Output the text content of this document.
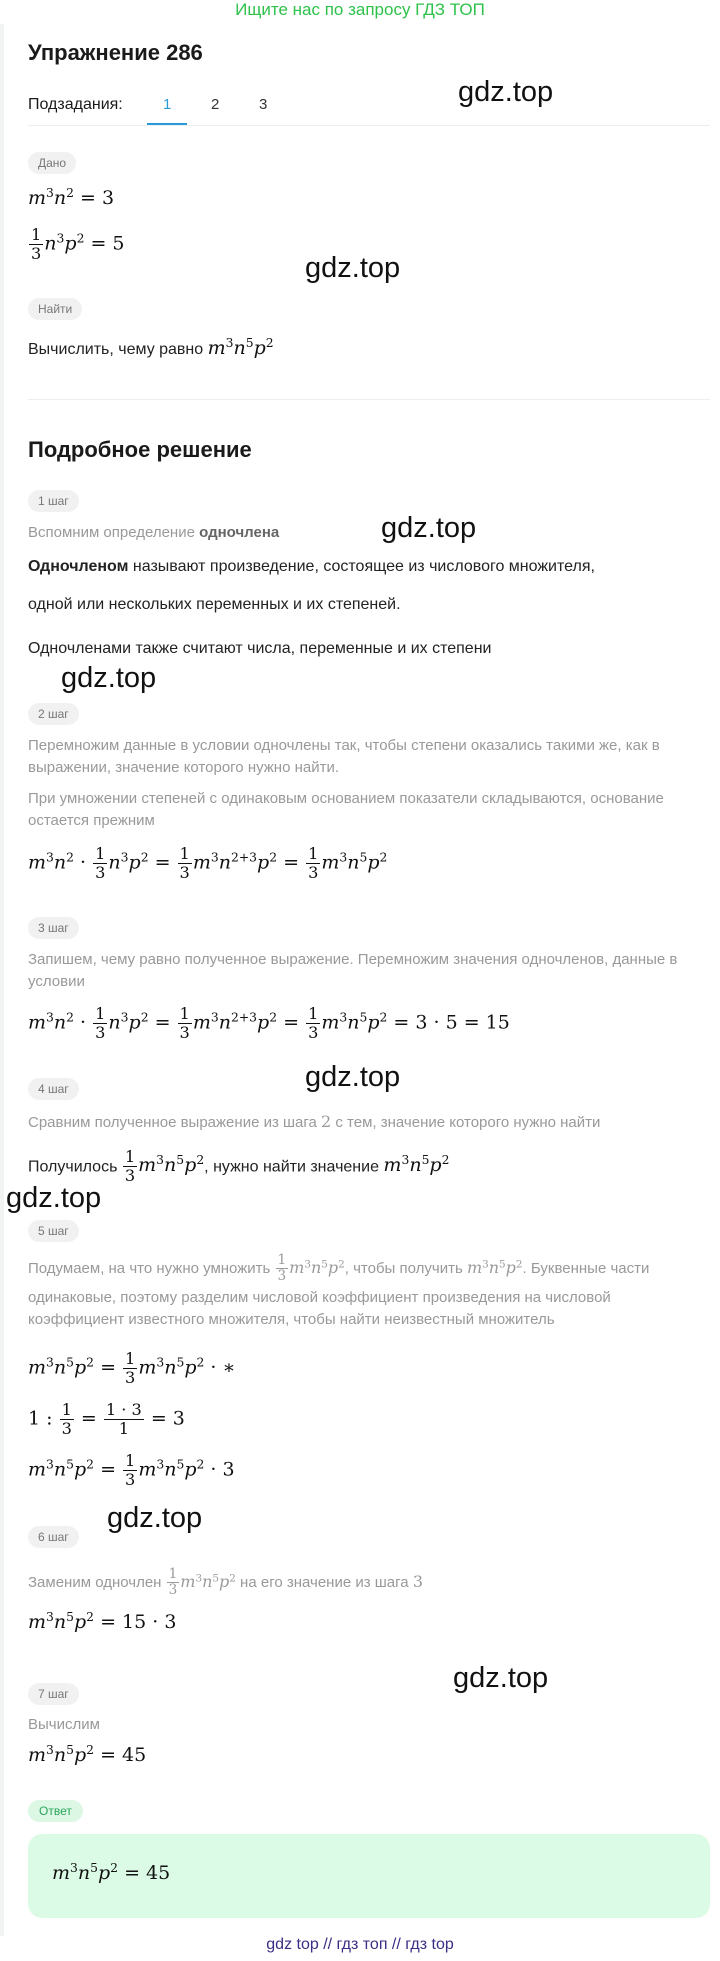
Ищите нас по запросу ГДЗ ТОП
Упражнение 286
Подзадания:	1	2	3
Дано
$m^3n^2 = 3$
$\frac{1}{3} n^3p^2 = 5$
Найти
Вычислить, чему равно $m^3n^5p^2$
Подробное решение
1 шаг
Вспомним определение одночлена
Одночленом называют произведение, состоящее из числового множителя,
одной или нескольких переменных и их степеней.
Одночленами также считают числа, переменные и их степени
2 шаг
Перемножим данные в условии одночлены так, чтобы степени оказались такими же, как в выражении, значение которого нужно найти.
При умножении степеней с одинаковым основанием показатели складываются, основание остается прежним
$m^3n^2 \cdot \frac{1}{3} n^3p^2 = \frac{1}{3} m^3n^{2+3}p^2 = \frac{1}{3} m^3n^5p^2$
3 шаг
Запишем, чему равно полученное выражение. Перемножим значения одночленов, данные в условии
$m^3n^2 \cdot \frac{1}{3} n^3p^2 = \frac{1}{3} m^3n^{2+3}p^2 = \frac{1}{3} m^3n^5p^2 = 3 \cdot 5 = 15$
4 шаг
Сравним полученное выражение из шага 2 с тем, значение которого нужно найти
Получилось $\frac{1}{3} m^3n^5p^2$, нужно найти значение $m^3n^5p^2$
5 шаг
Подумаем, на что нужно умножить $\frac{1}{3} m^3n^5p^2$, чтобы получить $m^3n^5p^2$. Буквенные части
одинаковые, поэтому разделим числовой коэффициент произведения на числовой коэффициент известного множителя, чтобы найти неизвестный множитель
$m^3n^5p^2 = \frac{1}{3} m^3n^5p^2$ · ∗
1 : $\frac{1}{3} = \frac{1 \cdot 3}{1} = 3$
$m^3n^5p^2 = \frac{1}{3} m^3n^5p^2 \cdot 3$
6 шаг
Заменим одночлен $\frac{1}{3} m^3n^5p^2$ на его значение из шага 3
$m^3n^5p^2 = 15 \cdot 3$
7 шаг
Вычислим
$m^3n^5p^2 = 45$
Ответ
$m^3n^5p^2 = 45$
gdz.top
gdz.top
gdz.top
gdz.top
gdz.top
gdz.top
gdz.top
gdz.top
gdz top // гдз топ // гдз top
